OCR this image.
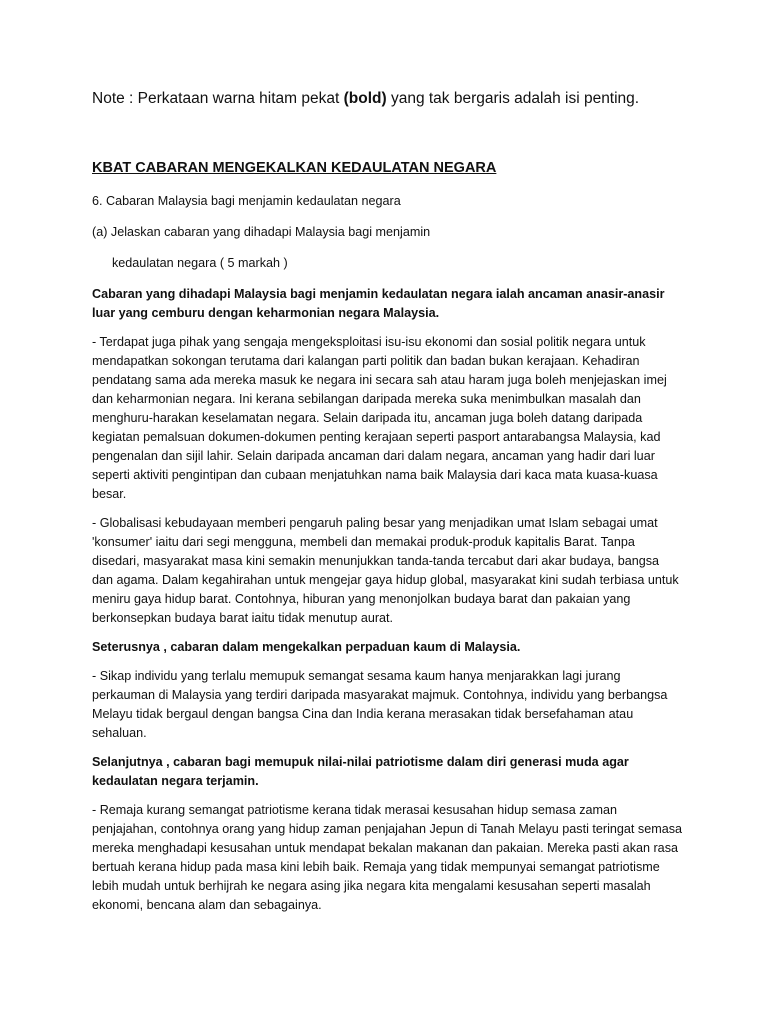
Note : Perkataan warna hitam pekat (bold) yang tak bergaris adalah isi penting.

KBAT CABARAN MENGEKALKAN KEDAULATAN NEGARA

6. Cabaran Malaysia bagi menjamin kedaulatan negara

(a) Jelaskan cabaran yang dihadapi Malaysia bagi menjamin

kedaulatan negara ( 5 markah )

Cabaran yang dihadapi Malaysia bagi menjamin kedaulatan negara ialah ancaman anasir-anasir luar yang cemburu dengan keharmonian negara Malaysia.

- Terdapat juga pihak yang sengaja mengeksploitasi isu-isu ekonomi dan sosial politik negara untuk mendapatkan sokongan terutama dari kalangan parti politik dan badan bukan kerajaan. Kehadiran pendatang sama ada mereka masuk ke negara ini secara sah atau haram juga boleh menjejaskan imej dan keharmonian negara. Ini kerana sebilangan daripada mereka suka menimbulkan masalah dan menghuru-harakan keselamatan negara. Selain daripada itu, ancaman juga boleh datang daripada kegiatan pemalsuan dokumen-dokumen penting kerajaan seperti pasport antarabangsa Malaysia, kad pengenalan dan sijil lahir. Selain daripada ancaman dari dalam negara, ancaman yang hadir dari luar seperti aktiviti pengintipan dan cubaan menjatuhkan nama baik Malaysia dari kaca mata kuasa-kuasa besar.

- Globalisasi kebudayaan memberi pengaruh paling besar yang menjadikan umat Islam sebagai umat 'konsumer' iaitu dari segi mengguna, membeli dan memakai produk-produk kapitalis Barat. Tanpa disedari, masyarakat masa kini semakin menunjukkan tanda-tanda tercabut dari akar budaya, bangsa dan agama. Dalam kegahirahan untuk mengejar gaya hidup global, masyarakat kini sudah terbiasa untuk meniru gaya hidup barat. Contohnya, hiburan yang menonjolkan budaya barat dan pakaian yang berkonsepkan budaya barat iaitu tidak menutup aurat.

Seterusnya , cabaran dalam mengekalkan perpaduan kaum di Malaysia.

- Sikap individu yang terlalu memupuk semangat sesama kaum hanya menjarakkan lagi jurang perkauman di Malaysia yang terdiri daripada masyarakat majmuk. Contohnya, individu yang berbangsa Melayu tidak bergaul dengan bangsa Cina dan India kerana merasakan tidak bersefahaman atau sehaluan.

Selanjutnya , cabaran bagi memupuk nilai-nilai patriotisme dalam diri generasi muda agar kedaulatan negara terjamin.

- Remaja kurang semangat patriotisme kerana tidak merasai kesusahan hidup semasa zaman penjajahan, contohnya orang yang hidup zaman penjajahan Jepun di Tanah Melayu pasti teringat semasa mereka menghadapi kesusahan untuk mendapat bekalan makanan dan pakaian. Mereka pasti akan rasa bertuah kerana hidup pada masa kini lebih baik. Remaja yang tidak mempunyai semangat patriotisme lebih mudah untuk berhijrah ke negara asing jika negara kita mengalami kesusahan seperti masalah ekonomi, bencana alam dan sebagainya.
